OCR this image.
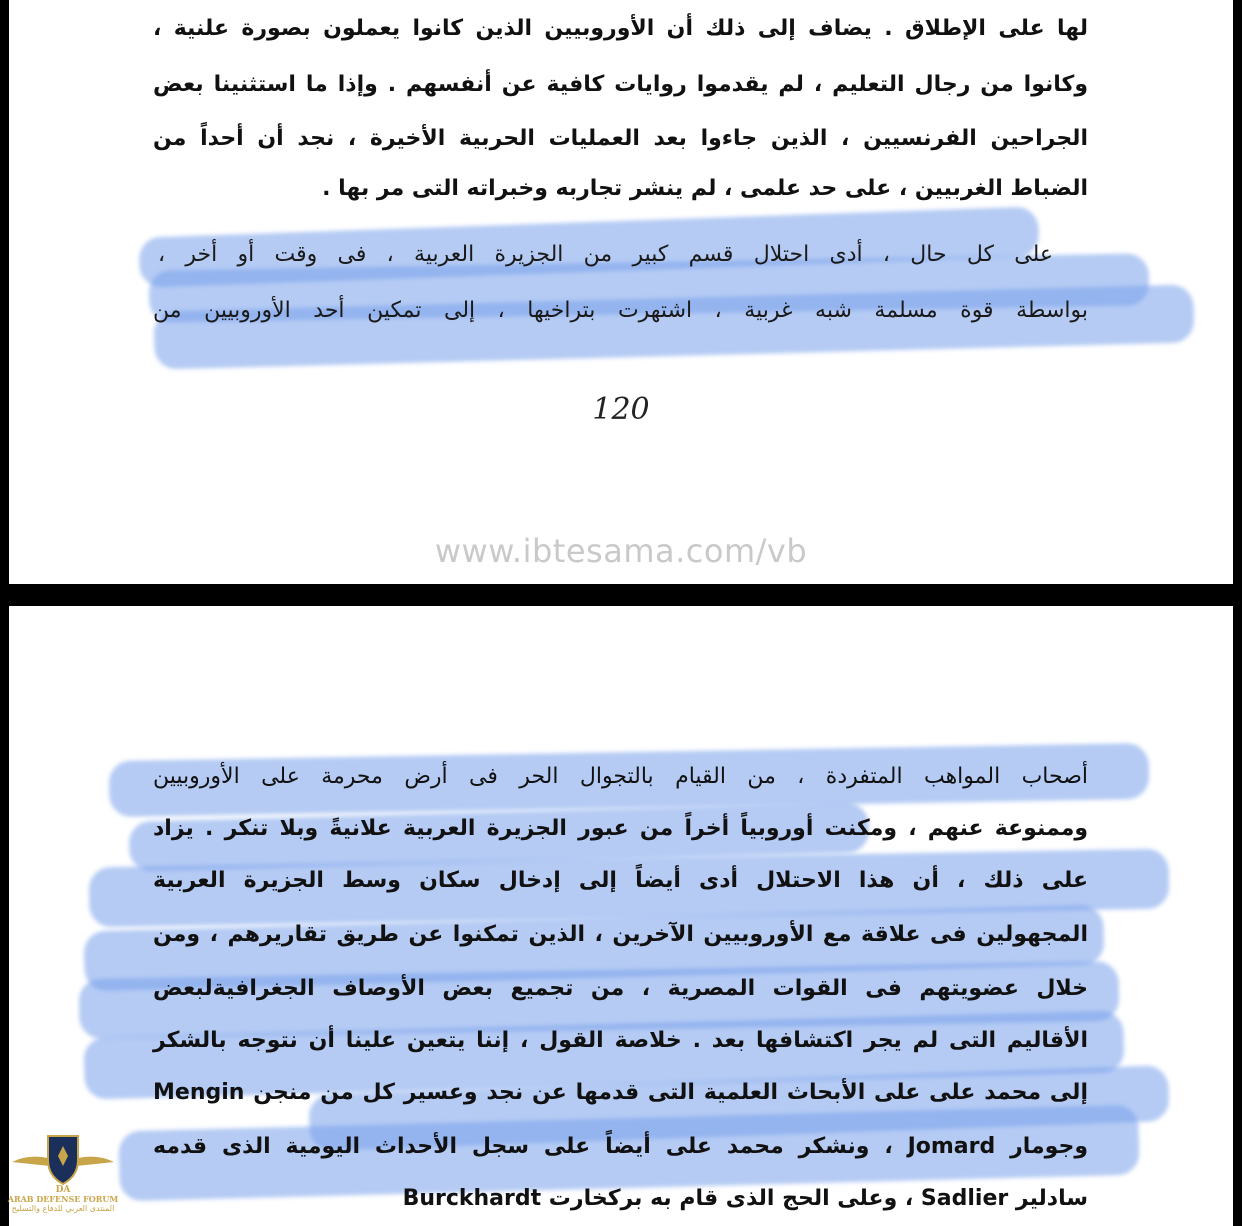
لها على الإطلاق . يضاف إلى ذلك أن الأوروبيين الذين كانوا يعملون بصورة علنية ،
وكانوا من رجال التعليم ، لم يقدموا روايات كافية عن أنفسهم . وإذا ما استثنينا بعض
الجراحين الفرنسيين ، الذين جاءوا بعد العمليات الحربية الأخيرة ، نجد أن أحداً من
الضباط الغربيين ، على حد علمى ، لم ينشر تجاربه وخبراته التى مر بها .
على كل حال ، أدى احتلال قسم كبير من الجزيرة العربية ، فى وقت أو أخر ،
بواسطة قوة مسلمة شبه غربية ، اشتهرت بتراخيها ، إلى تمكين أحد الأوروبيين من
120
www.ibtesama.com/vb
أصحاب المواهب المتفردة ، من القيام بالتجوال الحر فى أرض محرمة على الأوروبيين
وممنوعة عنهم ، ومكنت أوروبياً أخراً من عبور الجزيرة العربية علانيةً وبلا تنكر . يزاد
على ذلك ، أن هذا الاحتلال أدى أيضاً إلى إدخال سكان وسط الجزيرة العربية
المجهولين فى علاقة مع الأوروبيين الآخرين ، الذين تمكنوا عن طريق تقاريرهم ، ومن
خلال عضويتهم فى القوات المصرية ، من تجميع بعض الأوصاف الجغرافيةلبعض
الأقاليم التى لم يجر اكتشافها بعد . خلاصة القول ، إننا يتعين علينا أن نتوجه بالشكر
إلى محمد على على الأبحاث العلمية التى قدمها عن نجد وعسير كل من منجن Mengin
وجومار Jomard ، ونشكر محمد على أيضاً على سجل الأحداث اليومية الذى قدمه
سادلير Sadlier ، وعلى الحج الذى قام به بركخارت Burckhardt
DA
ARAB DEFENSE FORUM
المنتدى العربي للدفاع والتسليح
